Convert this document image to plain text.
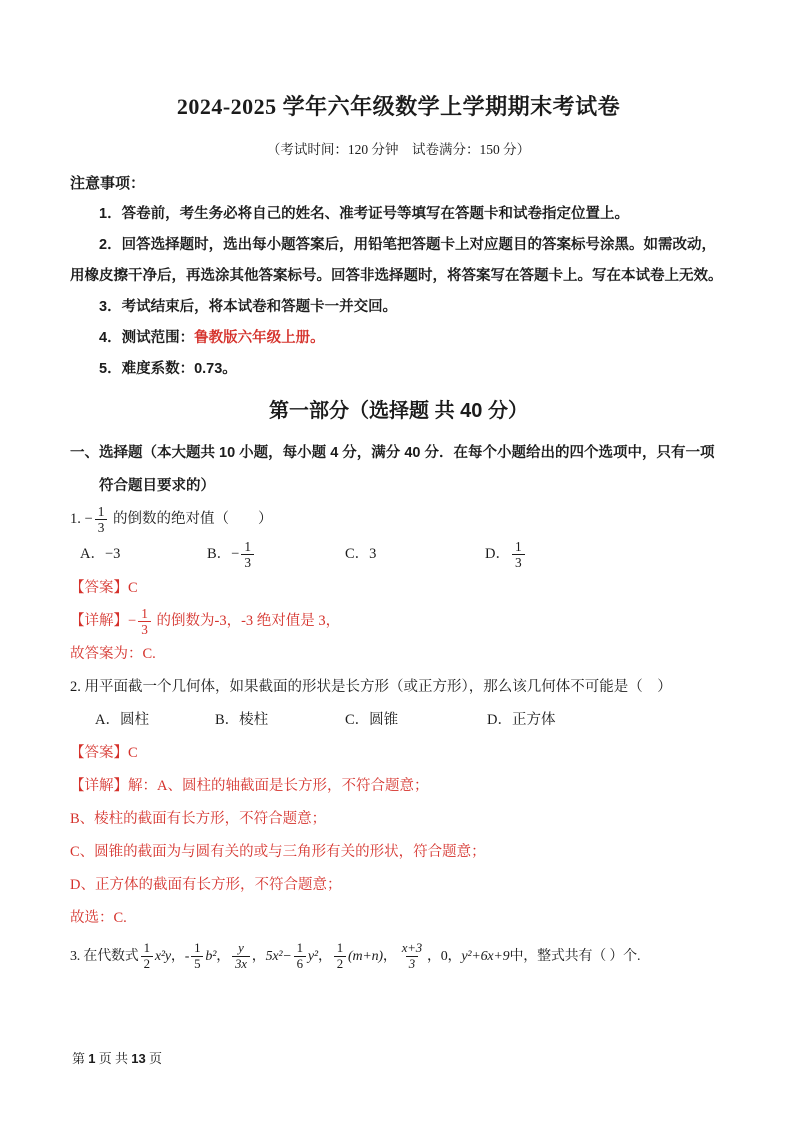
2024-2025 学年六年级数学上学期期末考试卷

（考试时间：120 分钟　试卷满分：150 分）

注意事项：

1．答卷前，考生务必将自己的姓名、准考证号等填写在答题卡和试卷指定位置上。

2．回答选择题时，选出每小题答案后，用铅笔把答题卡上对应题目的答案标号涂黑。如需改动，用橡皮擦干净后，再选涂其他答案标号。回答非选择题时，将答案写在答题卡上。写在本试卷上无效。

3．考试结束后，将本试卷和答题卡一并交回。

4．测试范围：鲁教版六年级上册。

5．难度系数：0.73。

第一部分（选择题 共 40 分）

一、选择题（本大题共 10 小题，每小题 4 分，满分 40 分．在每个小题给出的四个选项中，只有一项符合题目要求的）

1. − $\frac{1}{3}$ 的倒数的绝对值（　　）

A．−3	B．− $\frac{1}{3}$	C．3	D． $\frac{1}{3}$

【答案】C

【详解】− $\frac{1}{3}$ 的倒数为-3，-3 绝对值是 3，

故答案为：C.

2. 用平面截一个几何体，如果截面的形状是长方形（或正方形），那么该几何体不可能是（　）

A．圆柱	B．棱柱	C．圆锥	D．正方体

【答案】C

【详解】解：A、圆柱的轴截面是长方形，不符合题意；

B、棱柱的截面有长方形，不符合题意；

C、圆锥的截面为与圆有关的或与三角形有关的形状，符合题意；

D、正方体的截面有长方形，不符合题意；

故选：C.

3. 在代数式 $\frac{1}{2} x^2y$，- $\frac{1}{5} b^2$， $\frac{y}{3x}$ ，$5x^2- \frac{1}{6} y^2$， $\frac{1}{2} (m+n)$， $\frac{x+3}{3}$ ，0，y²+6x+9中，整式共有（ ）个.

第 1 页 共 13 页
